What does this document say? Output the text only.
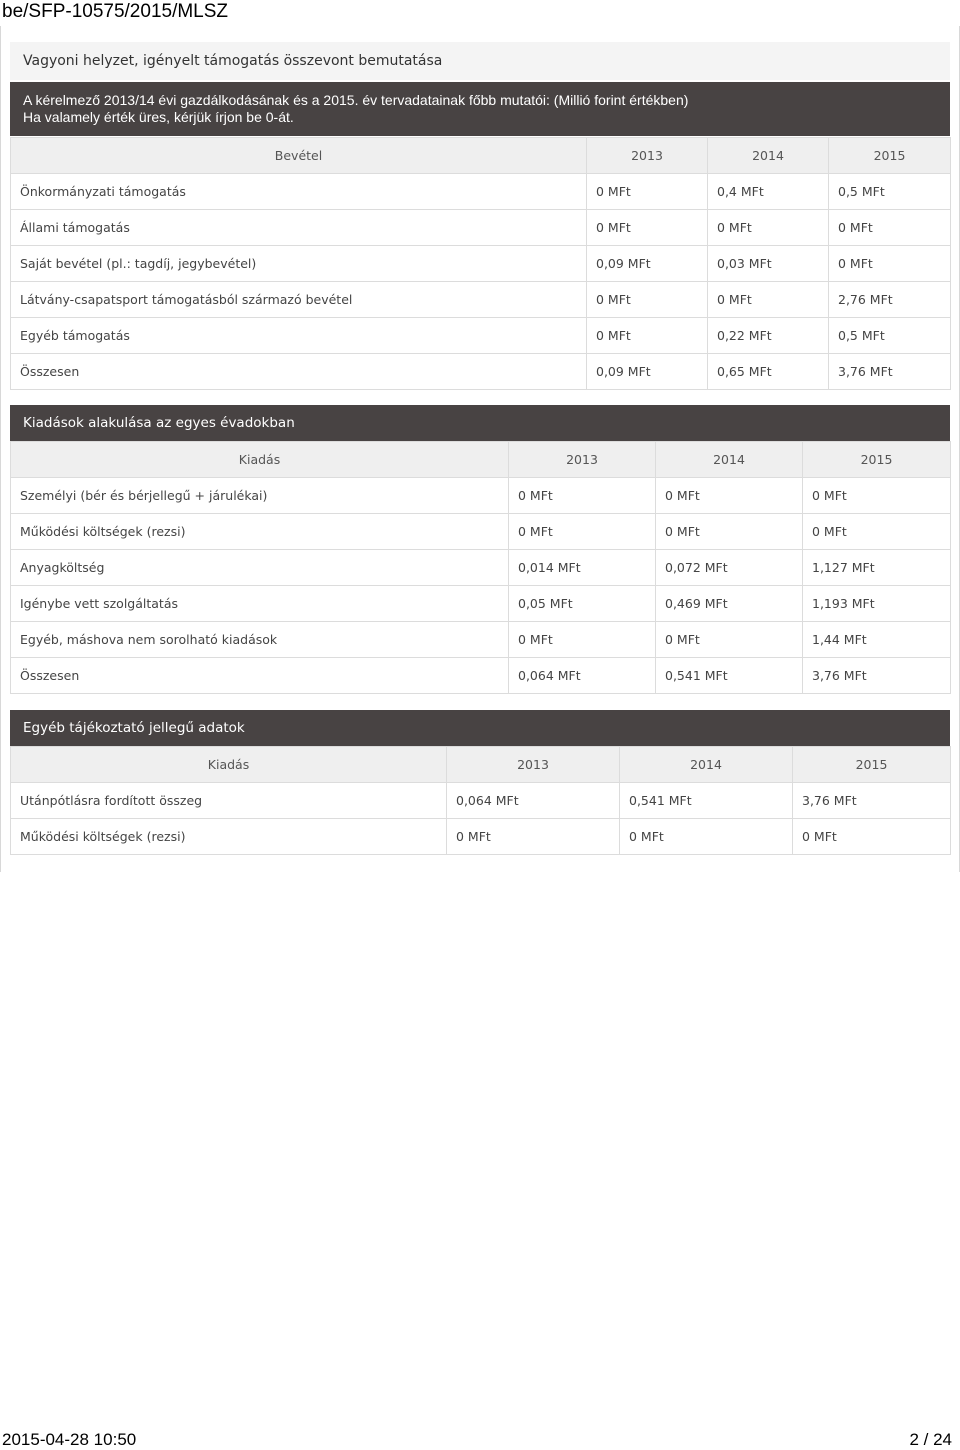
be/SFP-10575/2015/MLSZ
Vagyoni helyzet, igényelt támogatás összevont bemutatása
A kérelmező 2013/14 évi gazdálkodásának és a 2015. év tervadatainak főbb mutatói: (Millió forint értékben)
Ha valamely érték üres, kérjük írjon be 0-át.
Bevétel	2013	2014	2015
Önkormányzati támogatás	0 MFt	0,4 MFt	0,5 MFt
Állami támogatás	0 MFt	0 MFt	0 MFt
Saját bevétel (pl.: tagdíj, jegybevétel)	0,09 MFt	0,03 MFt	0 MFt
Látvány-csapatsport támogatásból származó bevétel	0 MFt	0 MFt	2,76 MFt
Egyéb támogatás	0 MFt	0,22 MFt	0,5 MFt
Összesen	0,09 MFt	0,65 MFt	3,76 MFt
Kiadások alakulása az egyes évadokban
Kiadás	2013	2014	2015
Személyi (bér és bérjellegű + járulékai)	0 MFt	0 MFt	0 MFt
Működési költségek (rezsi)	0 MFt	0 MFt	0 MFt
Anyagköltség	0,014 MFt	0,072 MFt	1,127 MFt
Igénybe vett szolgáltatás	0,05 MFt	0,469 MFt	1,193 MFt
Egyéb, máshova nem sorolható kiadások	0 MFt	0 MFt	1,44 MFt
Összesen	0,064 MFt	0,541 MFt	3,76 MFt
Egyéb tájékoztató jellegű adatok
Kiadás	2013	2014	2015
Utánpótlásra fordított összeg	0,064 MFt	0,541 MFt	3,76 MFt
Működési költségek (rezsi)	0 MFt	0 MFt	0 MFt
2015-04-28 10:50	2 / 24
